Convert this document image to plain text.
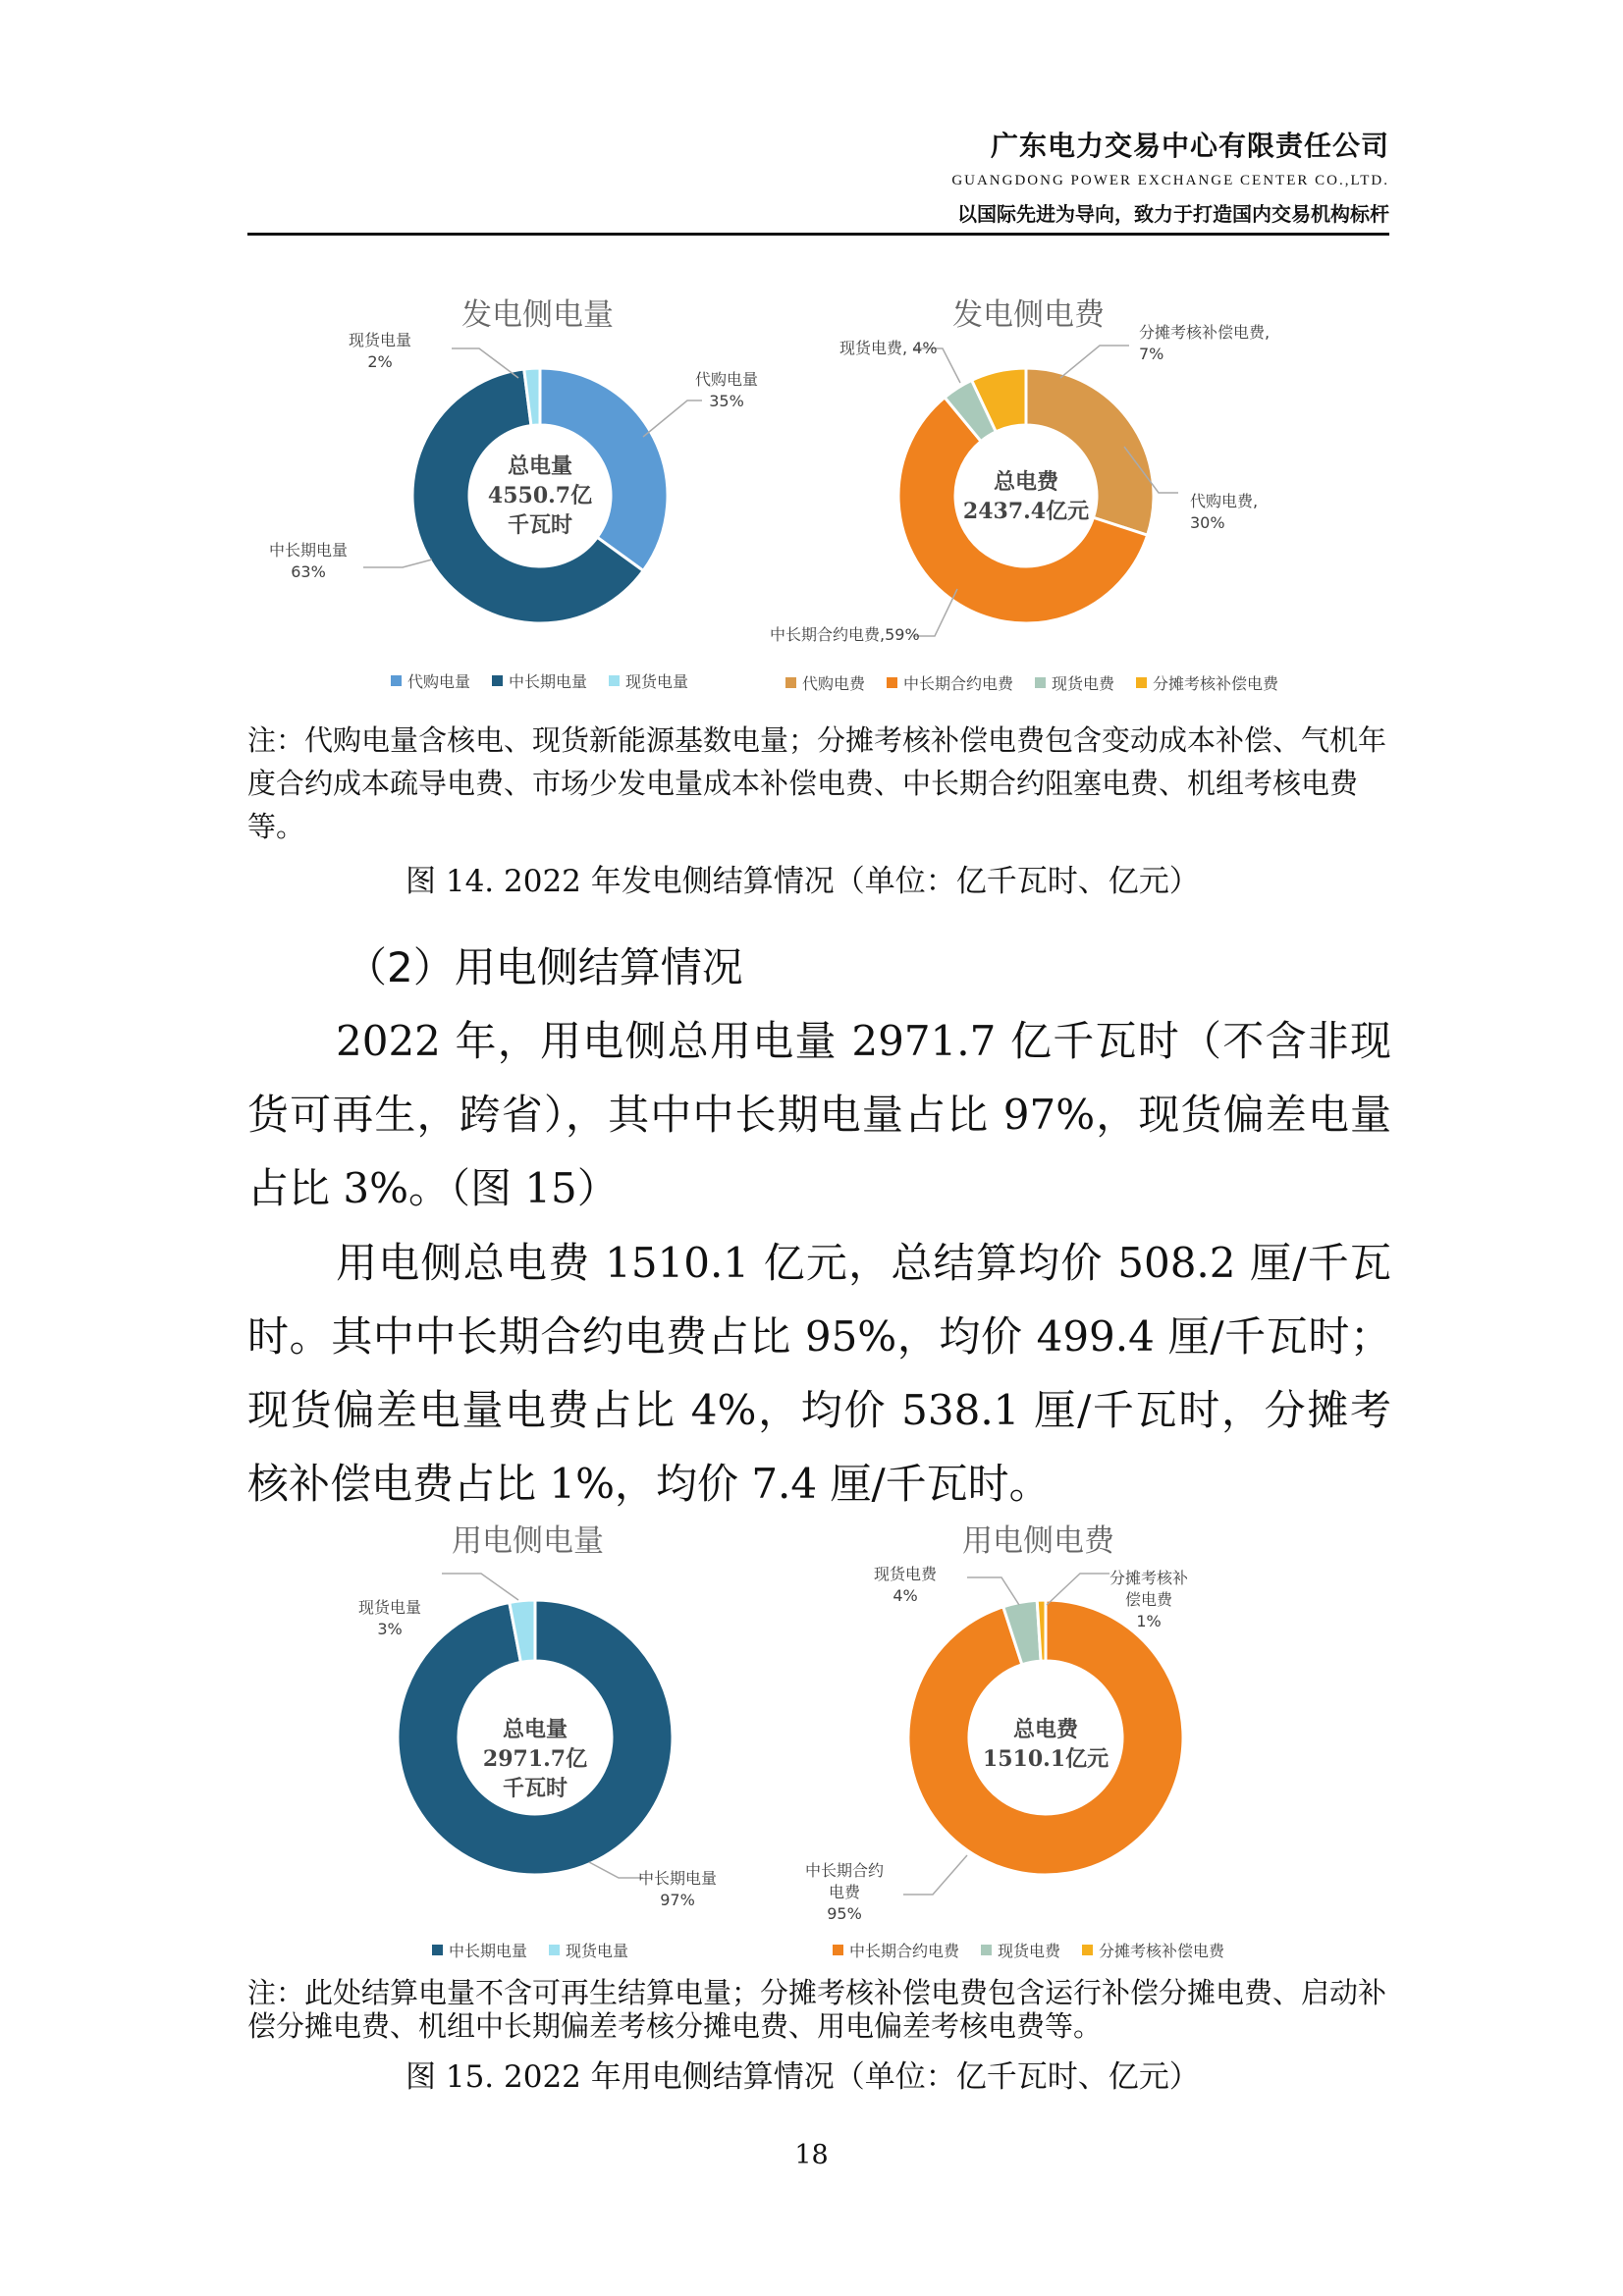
广东电力交易中心有限责任公司
GUANGDONG POWER EXCHANGE CENTER CO.,LTD.
以国际先进为导向，致力于打造国内交易机构标杆
发电侧电量
现货电量
2%
代购电量
35%
中长期电量
63%
总电量
4550.7亿
千瓦时
代购电量 中长期电量 现货电量
发电侧电费
现货电费, 4%
分摊考核补偿电费,
7%
代购电费,
30%
中长期合约电费,59%
总电费
2437.4亿元
代购电费 中长期合约电费 现货电费 分摊考核补偿电费
注：代购电量含核电、现货新能源基数电量；分摊考核补偿电费包含变动成本补偿、气机年度合约成本疏导电费、市场少发电量成本补偿电费、中长期合约阻塞电费、机组考核电费等。
图 14. 2022 年发电侧结算情况（单位：亿千瓦时、亿元）
（2）用电侧结算情况
2022 年，用电侧总用电量 2971.7 亿千瓦时（不含非现货可再生，跨省），其中中长期电量占比 97%，现货偏差电量占比 3%。（图 15）
用电侧总电费 1510.1 亿元，总结算均价 508.2 厘/千瓦时。其中中长期合约电费占比 95%，均价 499.4 厘/千瓦时；现货偏差电量电费占比 4%，均价 538.1 厘/千瓦时，分摊考核补偿电费占比 1%，均价 7.4 厘/千瓦时。
用电侧电量
现货电量
3%
中长期电量
97%
总电量
2971.7亿
千瓦时
中长期电量 现货电量
用电侧电费
现货电费
4%
分摊考核补
偿电费
1%
中长期合约
电费
95%
总电费
1510.1亿元
中长期合约电费 现货电费 分摊考核补偿电费
注：此处结算电量不含可再生结算电量；分摊考核补偿电费包含运行补偿分摊电费、启动补偿分摊电费、机组中长期偏差考核分摊电费、用电偏差考核电费等。
图 15. 2022 年用电侧结算情况（单位：亿千瓦时、亿元）
18
